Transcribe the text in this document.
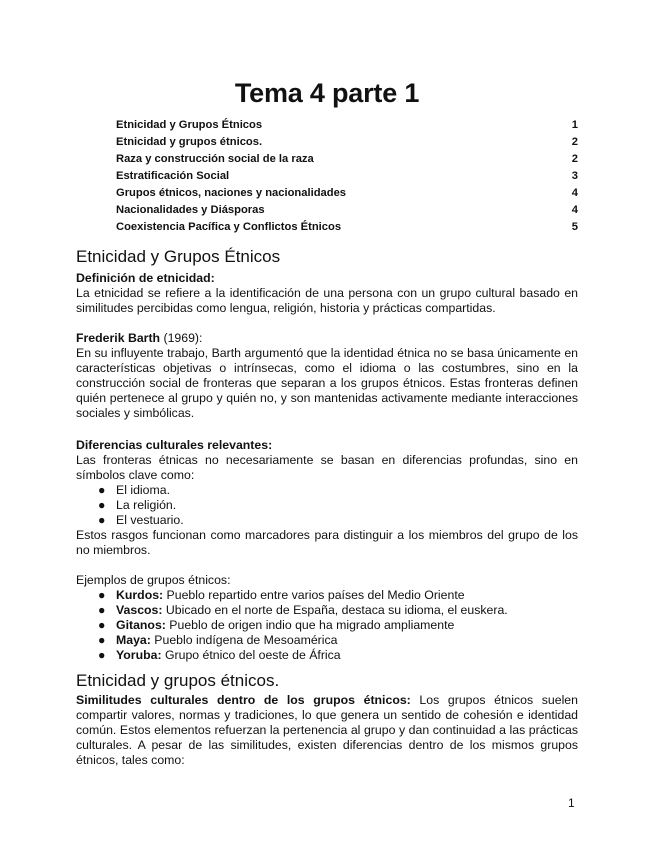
Tema 4 parte 1
Etnicidad y Grupos Étnicos	1
Etnicidad y grupos étnicos.	2
Raza y construcción social de la raza	2
Estratificación Social	3
Grupos étnicos, naciones y nacionalidades	4
Nacionalidades y Diásporas	4
Coexistencia Pacífica y Conflictos Étnicos	5
Etnicidad y Grupos Étnicos
Definición de etnicidad:

La etnicidad se refiere a la identificación de una persona con un grupo cultural basado en similitudes percibidas como lengua, religión, historia y prácticas compartidas.

Frederik Barth (1969):

En su influyente trabajo, Barth argumentó que la identidad étnica no se basa únicamente en características objetivas o intrínsecas, como el idioma o las costumbres, sino en la construcción social de fronteras que separan a los grupos étnicos. Estas fronteras definen quién pertenece al grupo y quién no, y son mantenidas activamente mediante interacciones sociales y simbólicas.

Diferencias culturales relevantes:

Las fronteras étnicas no necesariamente se basan en diferencias profundas, sino en símbolos clave como:

● El idioma.
● La religión.
● El vestuario.

Estos rasgos funcionan como marcadores para distinguir a los miembros del grupo de los no miembros.

Ejemplos de grupos étnicos:

● Kurdos: Pueblo repartido entre varios países del Medio Oriente
● Vascos: Ubicado en el norte de España, destaca su idioma, el euskera.
● Gitanos: Pueblo de origen indio que ha migrado ampliamente
● Maya: Pueblo indígena de Mesoamérica
● Yoruba: Grupo étnico del oeste de África
Etnicidad y grupos étnicos.

Similitudes culturales dentro de los grupos étnicos: Los grupos étnicos suelen compartir valores, normas y tradiciones, lo que genera un sentido de cohesión e identidad común. Estos elementos refuerzan la pertenencia al grupo y dan continuidad a las prácticas culturales. A pesar de las similitudes, existen diferencias dentro de los mismos grupos étnicos, tales como:

1
